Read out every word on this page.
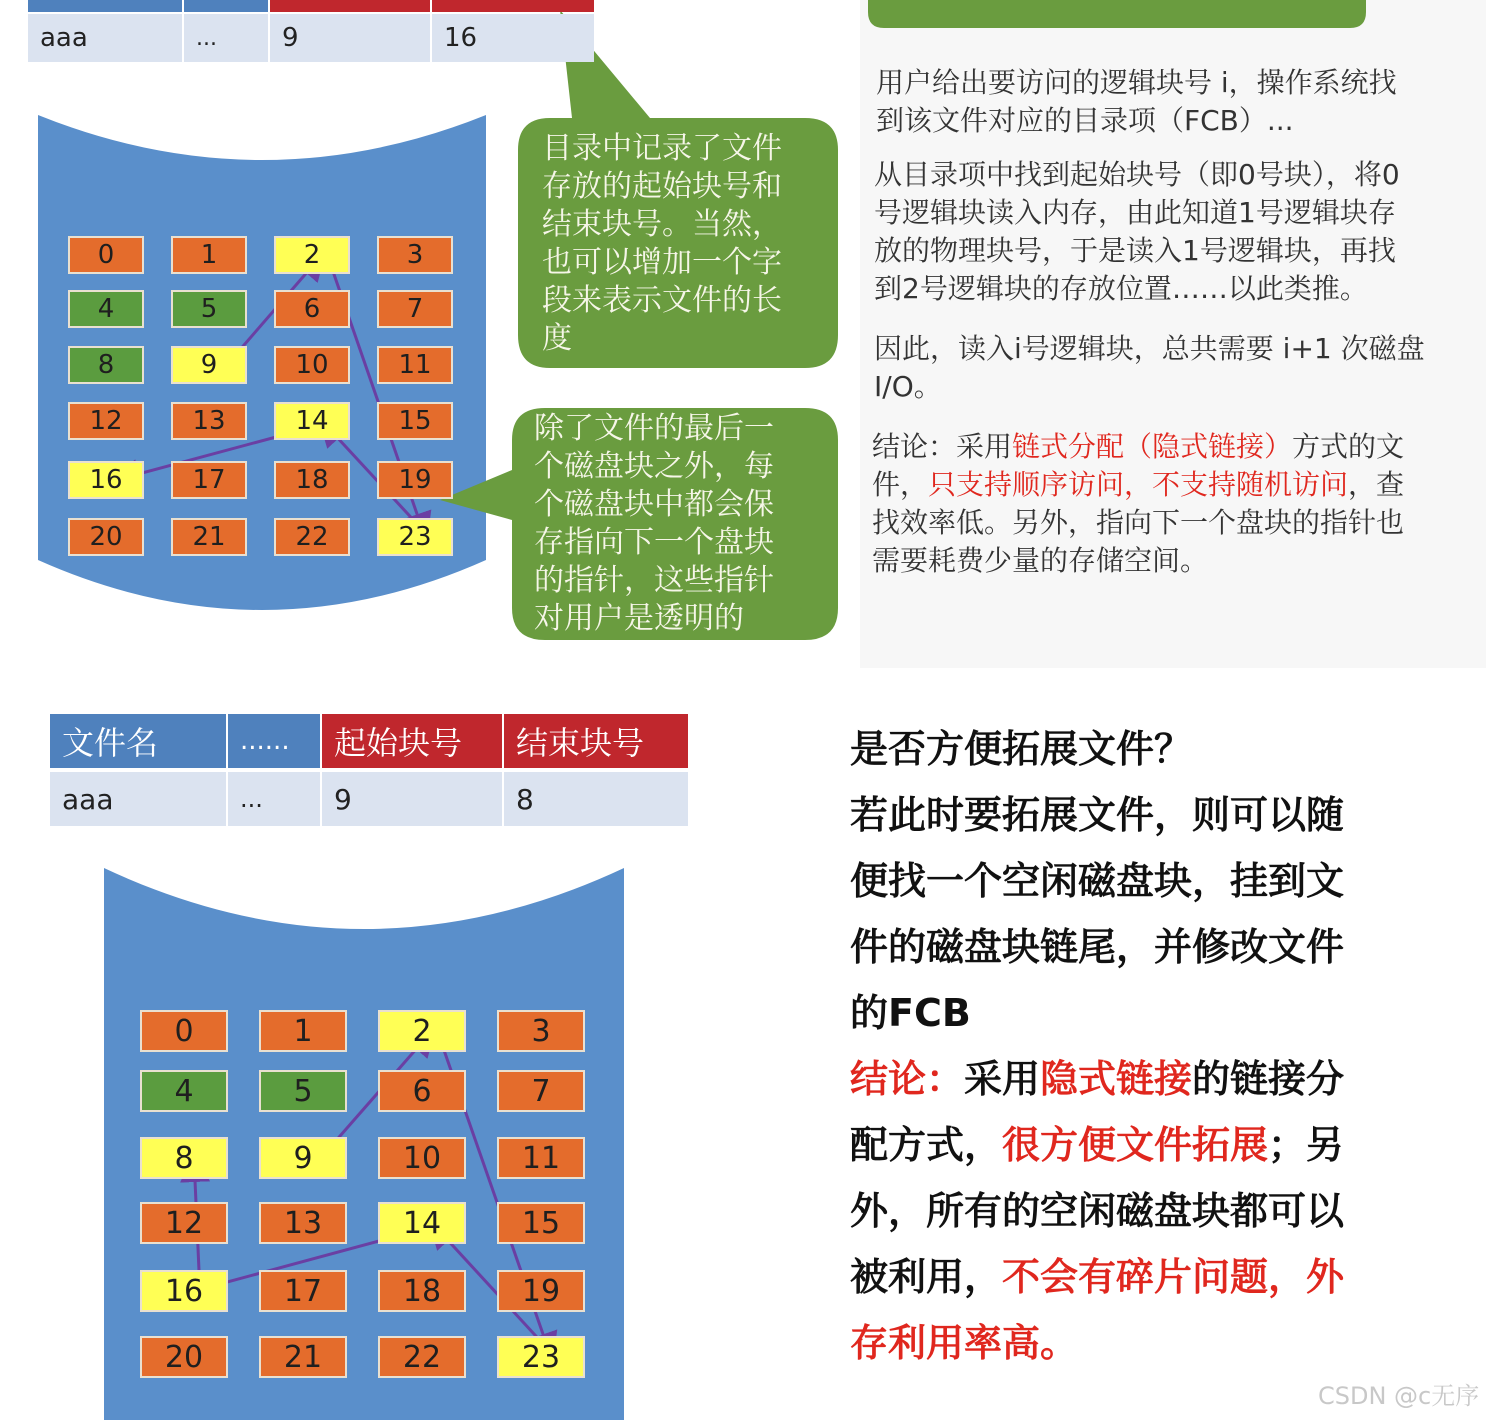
aaa	...	9	16
0	1	2	3
4	5	6	7
8	9	10	11
12	13	14	15
16	17	18	19
20	21	22	23
目录中记录了文件
存放的起始块号和
结束块号。当然，
也可以增加一个字
段来表示文件的长
度
除了文件的最后一
个磁盘块之外，每
个磁盘块中都会保
存指向下一个盘块
的指针，这些指针
对用户是透明的
用户给出要访问的逻辑块号 i，操作系统找
到该文件对应的目录项（FCB）...
从目录项中找到起始块号（即0号块），将0
号逻辑块读入内存，由此知道1号逻辑块存
放的物理块号，于是读入1号逻辑块，再找
到2号逻辑块的存放位置……以此类推。
因此，读入i号逻辑块，总共需要 i+1 次磁盘
I/O。
结论：采用链式分配（隐式链接）方式的文
件，只支持顺序访问，不支持随机访问，查
找效率低。另外，指向下一个盘块的指针也
需要耗费少量的存储空间。
文件名	......	起始块号	结束块号
aaa	...	9	8
0	1	2	3
4	5	6	7
8	9	10	11
12	13	14	15
16	17	18	19
20	21	22	23
是否方便拓展文件？
若此时要拓展文件，则可以随
便找一个空闲磁盘块，挂到文
件的磁盘块链尾，并修改文件
的FCB
结论：采用隐式链接的链接分
配方式，很方便文件拓展；另
外，所有的空闲磁盘块都可以
被利用，不会有碎片问题，外
存利用率高。
CSDN @c无序
